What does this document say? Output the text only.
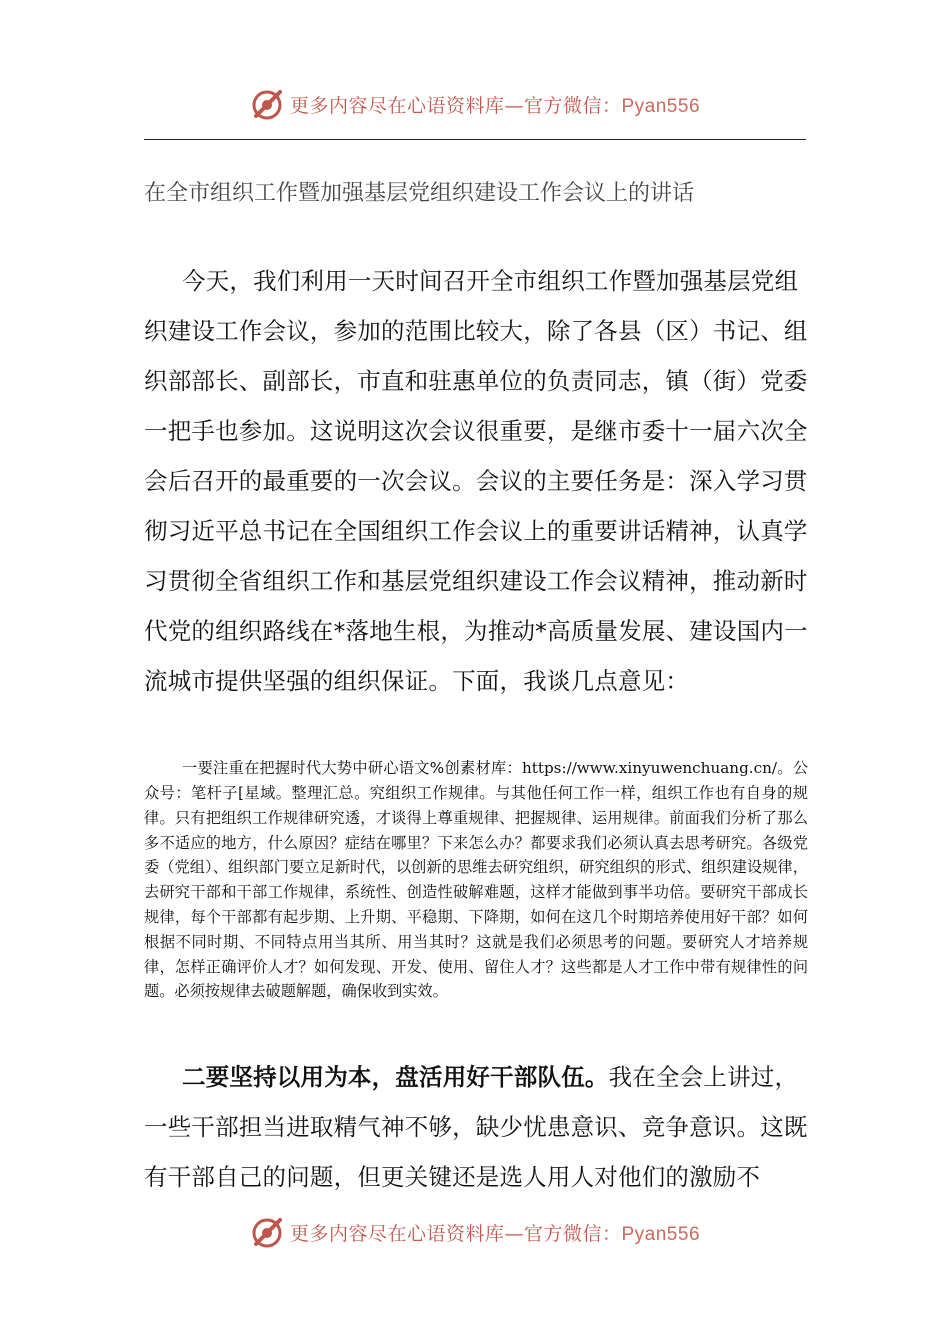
更多内容尽在心语资料库—官方微信：Pyan556
在全市组织工作暨加强基层党组织建设工作会议上的讲话

今天，我们利用一天时间召开全市组织工作暨加强基层党组织建设工作会议，参加的范围比较大，除了各县（区）书记、组织部部长、副部长，市直和驻惠单位的负责同志，镇（街）党委一把手也参加。这说明这次会议很重要，是继市委十一届六次全会后召开的最重要的一次会议。会议的主要任务是：深入学习贯彻习近平总书记在全国组织工作会议上的重要讲话精神，认真学习贯彻全省组织工作和基层党组织建设工作会议精神，推动新时代党的组织路线在*落地生根，为推动*高质量发展、建设国内一流城市提供坚强的组织保证。下面，我谈几点意见：

一要注重在把握时代大势中研心语文%创素材库：https://www.xinyuwenchuang.cn/。公众号：笔杆子[星域。整理汇总。究组织工作规律。与其他任何工作一样，组织工作也有自身的规律。只有把组织工作规律研究透，才谈得上尊重规律、把握规律、运用规律。前面我们分析了那么多不适应的地方，什么原因？症结在哪里？下来怎么办？都要求我们必须认真去思考研究。各级党委（党组）、组织部门要立足新时代，以创新的思维去研究组织，研究组织的形式、组织建设规律，去研究干部和干部工作规律，系统性、创造性破解难题，这样才能做到事半功倍。要研究干部成长规律，每个干部都有起步期、上升期、平稳期、下降期，如何在这几个时期培养使用好干部？如何根据不同时期、不同特点用当其所、用当其时？这就是我们必须思考的问题。要研究人才培养规律，怎样正确评价人才？如何发现、开发、使用、留住人才？这些都是人才工作中带有规律性的问题。必须按规律去破题解题，确保收到实效。

二要坚持以用为本，盘活用好干部队伍。我在全会上讲过，一些干部担当进取精气神不够，缺少忧患意识、竞争意识。这既有干部自己的问题，但更关键还是选人用人对他们的激励不

更多内容尽在心语资料库—官方微信：Pyan556
